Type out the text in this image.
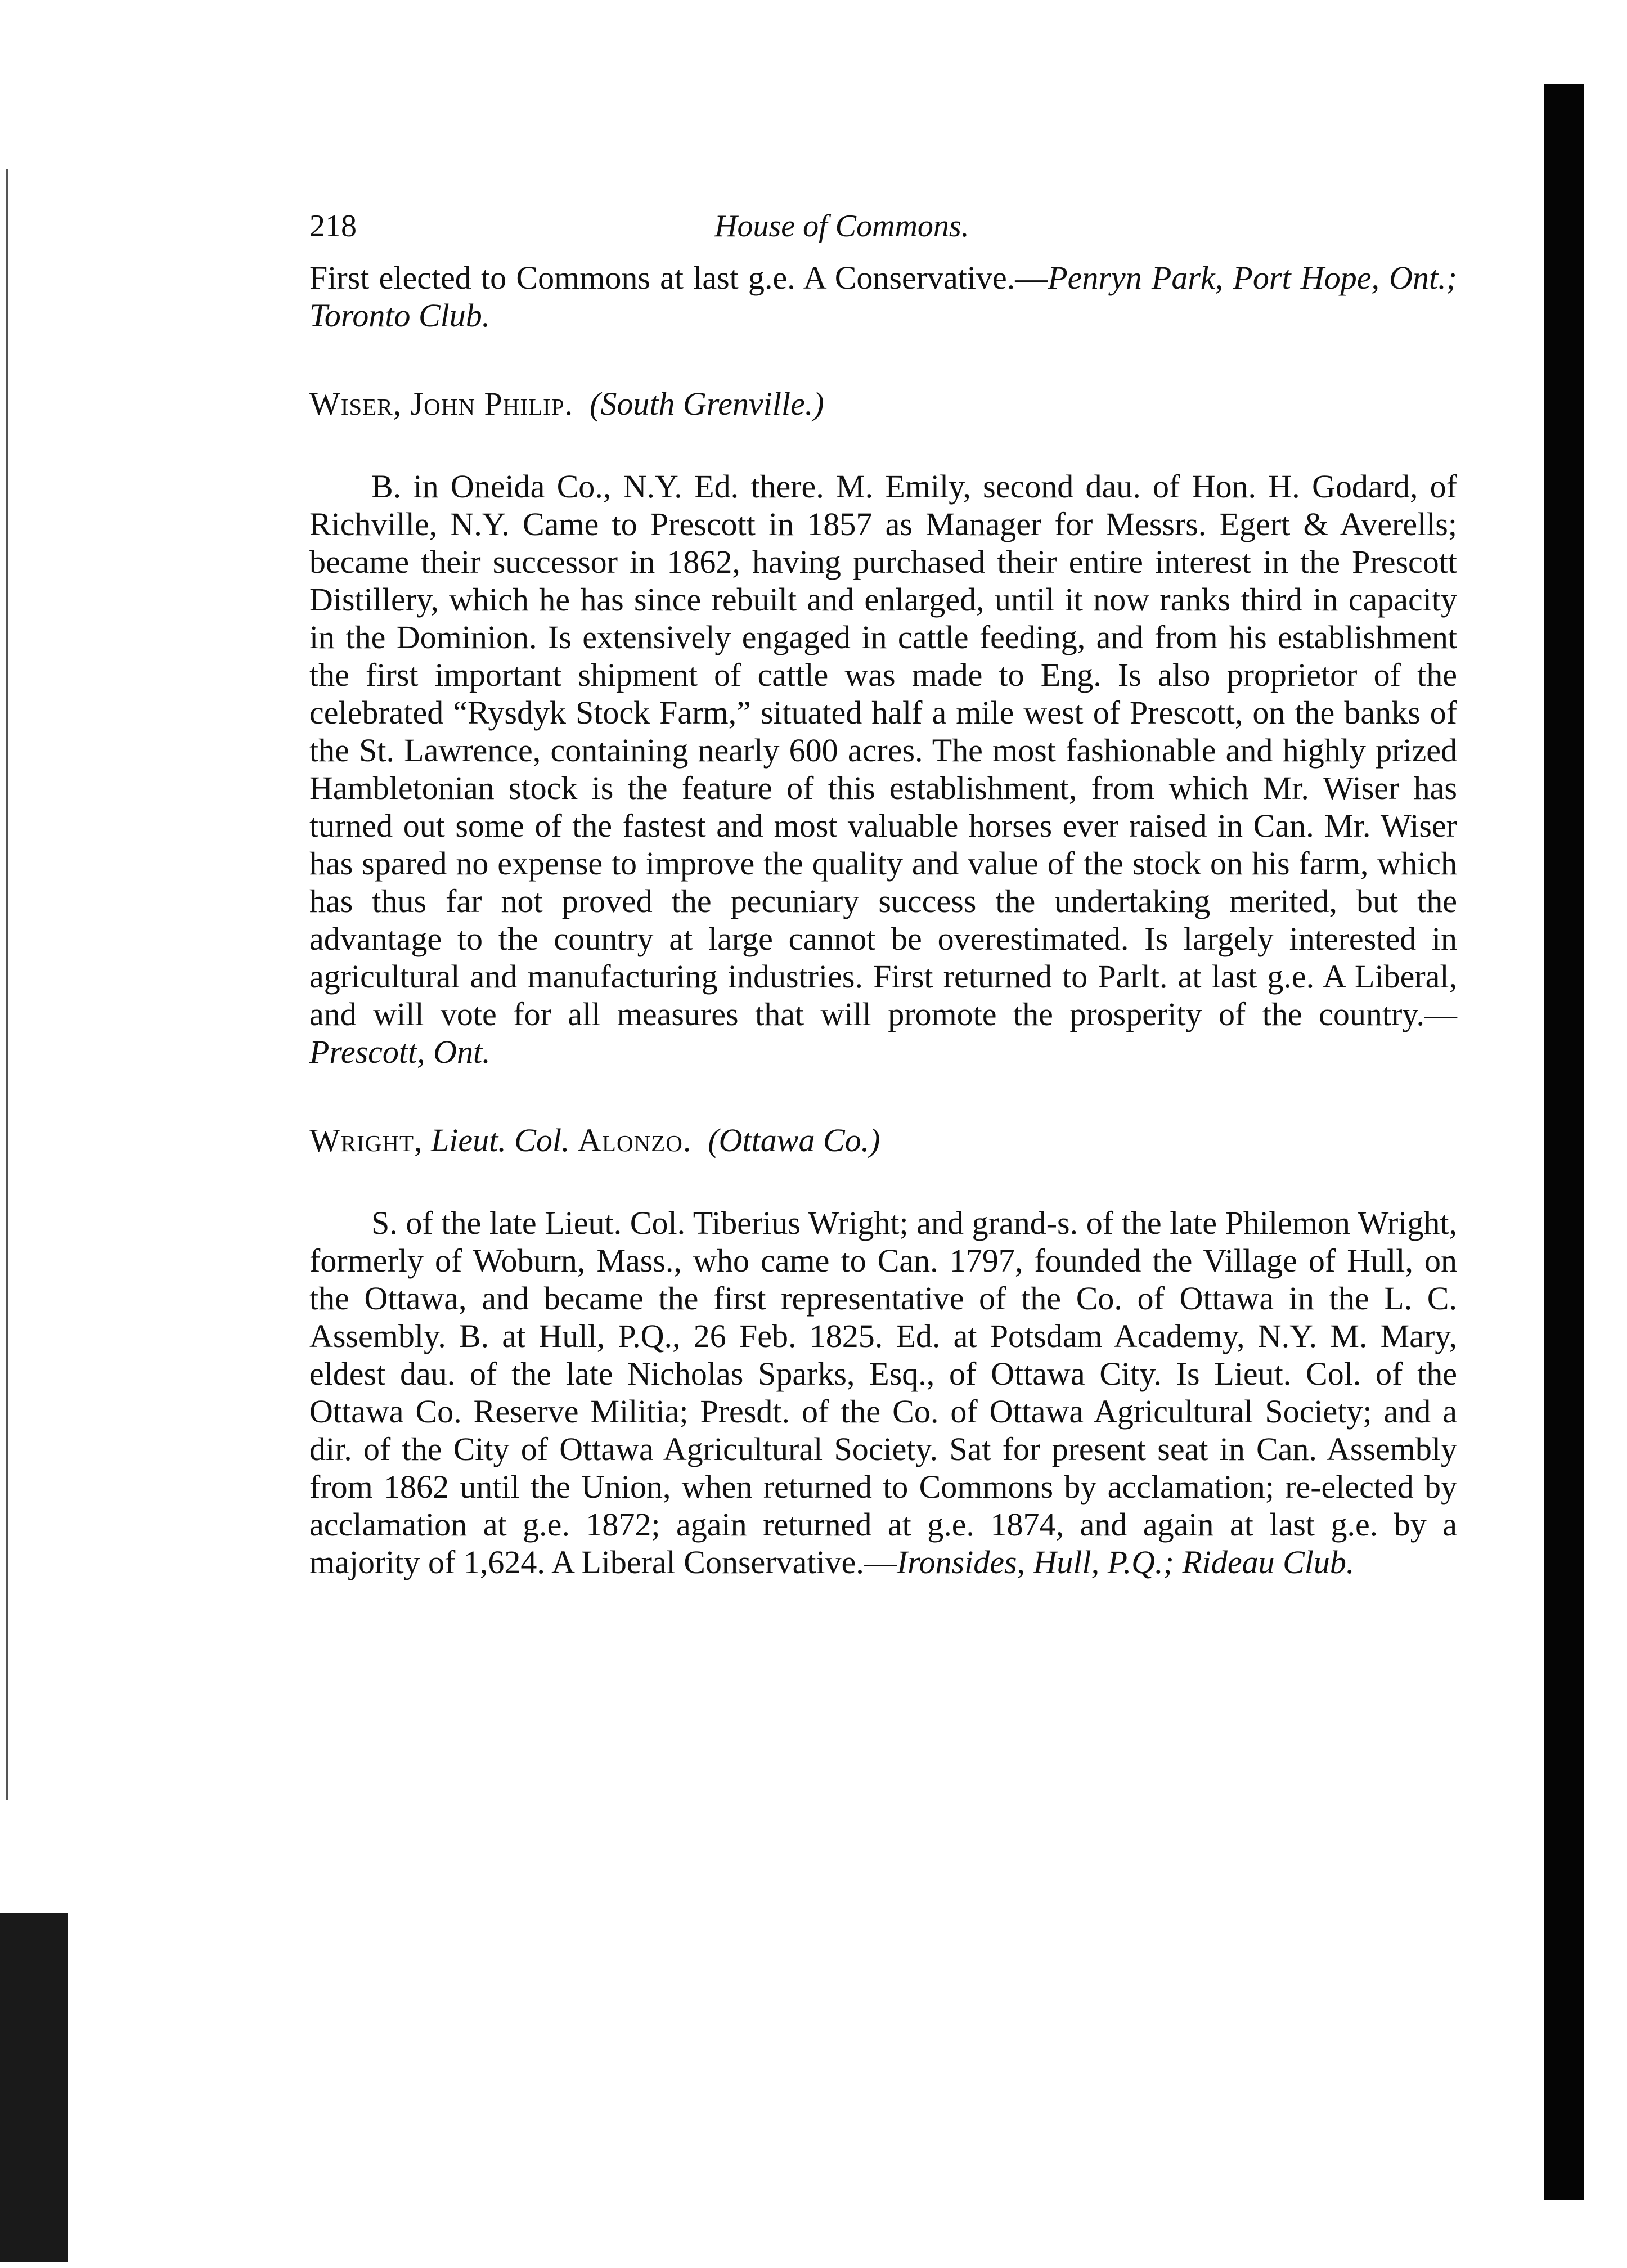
218	House of Commons.

First elected to Commons at last g.e. A Conservative.—Penryn Park, Port Hope, Ont.; Toronto Club.

Wiser, John Philip. (South Grenville.)

B. in Oneida Co., N.Y. Ed. there. M. Emily, second dau. of Hon. H. Godard, of Richville, N.Y. Came to Prescott in 1857 as Manager for Messrs. Egert & Averells; became their successor in 1862, having purchased their entire interest in the Prescott Distillery, which he has since rebuilt and enlarged, until it now ranks third in capacity in the Dominion. Is extensively engaged in cattle feeding, and from his establishment the first important shipment of cattle was made to Eng. Is also proprietor of the celebrated “Rysdyk Stock Farm,” situated half a mile west of Prescott, on the banks of the St. Lawrence, containing nearly 600 acres. The most fashionable and highly prized Hambletonian stock is the feature of this establishment, from which Mr. Wiser has turned out some of the fastest and most valuable horses ever raised in Can. Mr. Wiser has spared no expense to improve the quality and value of the stock on his farm, which has thus far not proved the pecuniary success the undertaking merited, but the advantage to the country at large cannot be overestimated. Is largely interested in agricultural and manufacturing industries. First returned to Parlt. at last g.e. A Liberal, and will vote for all measures that will promote the prosperity of the country.—Prescott, Ont.

Wright, Lieut. Col. Alonzo. (Ottawa Co.)

S. of the late Lieut. Col. Tiberius Wright; and grand-s. of the late Philemon Wright, formerly of Woburn, Mass., who came to Can. 1797, founded the Village of Hull, on the Ottawa, and became the first representative of the Co. of Ottawa in the L. C. Assembly. B. at Hull, P.Q., 26 Feb. 1825. Ed. at Potsdam Academy, N.Y. M. Mary, eldest dau. of the late Nicholas Sparks, Esq., of Ottawa City. Is Lieut. Col. of the Ottawa Co. Reserve Militia; Presdt. of the Co. of Ottawa Agricultural Society; and a dir. of the City of Ottawa Agricultural Society. Sat for present seat in Can. Assembly from 1862 until the Union, when returned to Commons by acclamation; re-elected by acclamation at g.e. 1872; again returned at g.e. 1874, and again at last g.e. by a majority of 1,624. A Liberal Conservative.—Ironsides, Hull, P.Q.; Rideau Club.
